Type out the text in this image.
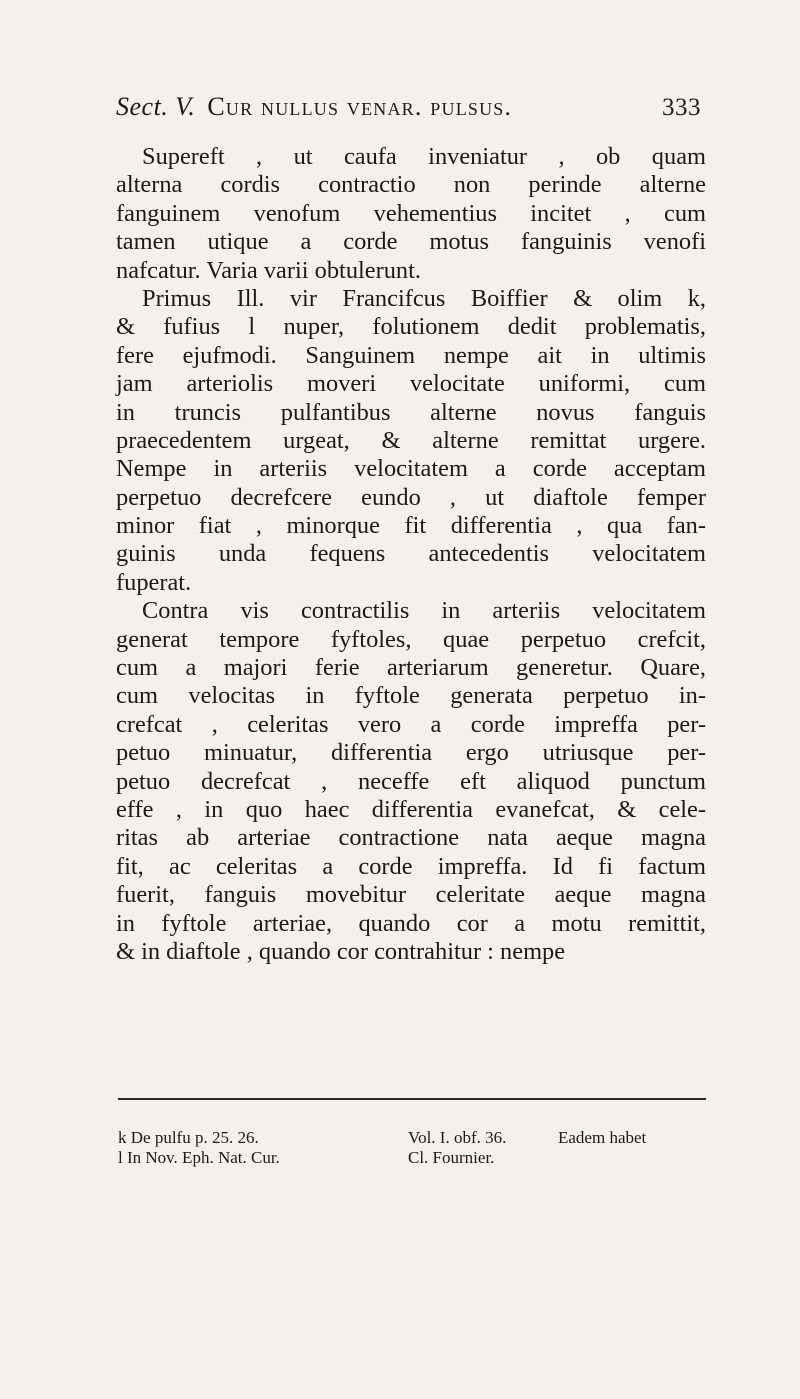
Sect. V. Cur nullus venar. pulsus.	333
Supereft , ut caufa inveniatur , ob quam
alterna cordis contractio non perinde alterne
fanguinem venofum vehementius incitet , cum
tamen utique a corde motus fanguinis venofi
nafcatur. Varia varii obtulerunt.
Primus Ill. vir Francifcus Boiffier & olim k,
& fufius l nuper, folutionem dedit problematis,
fere ejufmodi. Sanguinem nempe ait in ultimis
jam arteriolis moveri velocitate uniformi, cum
in truncis pulfantibus alterne novus fanguis
praecedentem urgeat, & alterne remittat urgere.
Nempe in arteriis velocitatem a corde acceptam
perpetuo decrefcere eundo , ut diaftole femper
minor fiat , minorque fit differentia , qua fan-
guinis unda fequens antecedentis velocitatem
fuperat.
Contra vis contractilis in arteriis velocitatem
generat tempore fyftoles, quae perpetuo crefcit,
cum a majori ferie arteriarum generetur. Quare,
cum velocitas in fyftole generata perpetuo in-
crefcat , celeritas vero a corde impreffa per-
petuo minuatur, differentia ergo utriusque per-
petuo decrefcat , neceffe eft aliquod punctum
effe , in quo haec differentia evanefcat, & cele-
ritas ab arteriae contractione nata aeque magna
fit, ac celeritas a corde impreffa. Id fi factum
fuerit, fanguis movebitur celeritate aeque magna
in fyftole arteriae, quando cor a motu remittit,
& in diaftole , quando cor contrahitur : nempe
k De pulfu p. 25. 26.	Vol. I. obf. 36.	Eadem habet
l In Nov. Eph. Nat. Cur.	Cl. Fournier.
